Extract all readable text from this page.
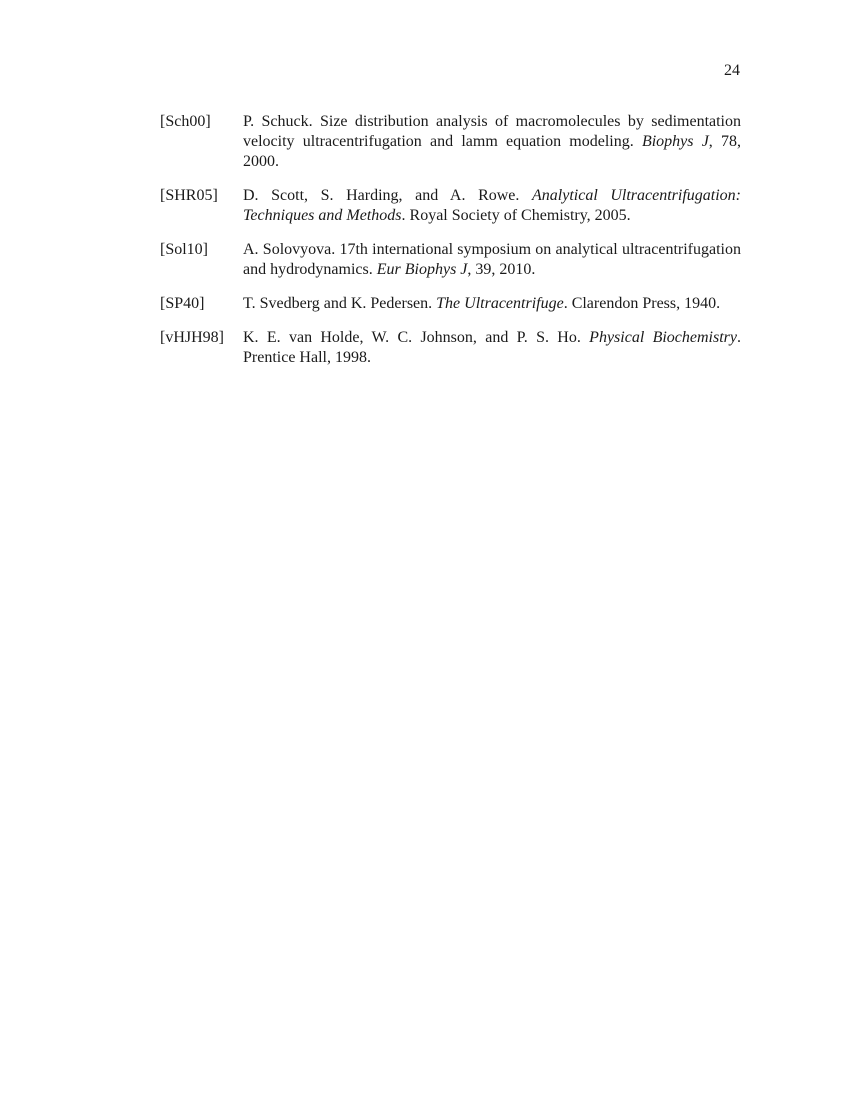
24
[Sch00]	P. Schuck. Size distribution analysis of macromolecules by sedimentation velocity ultracentrifugation and lamm equation modeling. Biophys J, 78, 2000.
[SHR05]	D. Scott, S. Harding, and A. Rowe. Analytical Ultracentrifugation: Techniques and Methods. Royal Society of Chemistry, 2005.
[Sol10]	A. Solovyova. 17th international symposium on analytical ultracentrifugation and hydrodynamics. Eur Biophys J, 39, 2010.
[SP40]	T. Svedberg and K. Pedersen. The Ultracentrifuge. Clarendon Press, 1940.
[vHJH98]	K. E. van Holde, W. C. Johnson, and P. S. Ho. Physical Biochemistry. Prentice Hall, 1998.
